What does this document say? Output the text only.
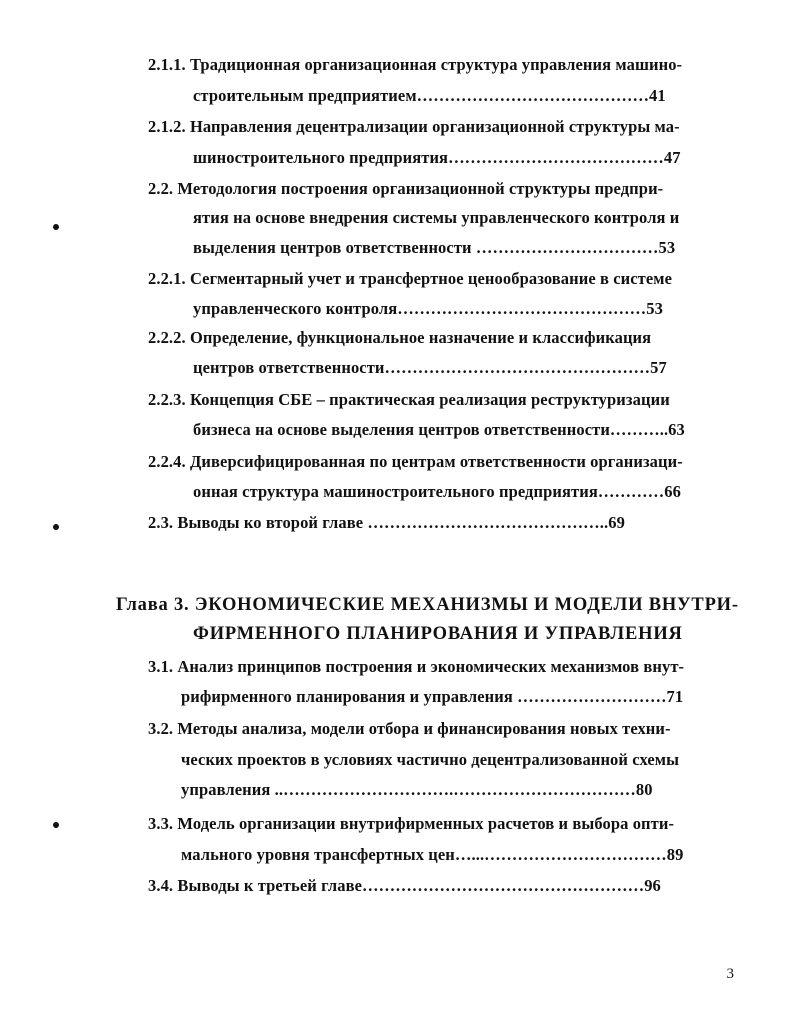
2.1.1. Традиционная организационная структура управления машино-
строительным предприятием……………………………………41
2.1.2. Направления децентрализации организационной структуры ма-
шиностроительного предприятия…………………………………47
2.2. Методология построения организационной структуры предпри-
ятия на основе внедрения системы управленческого контроля и
выделения центров ответственности ……………………………53
2.2.1. Сегментарный учет и трансфертное ценообразование в системе
управленческого контроля………………………………………53
2.2.2. Определение, функциональное назначение и классификация
центров ответственности…………………………………………57
2.2.3. Концепция СБЕ – практическая реализация реструктуризации
бизнеса на основе выделения центров ответственности………..63
2.2.4. Диверсифицированная по центрам ответственности организаци-
онная структура машиностроительного предприятия…………66
2.3. Выводы ко второй главе ……………………………………..69
Глава 3. ЭКОНОМИЧЕСКИЕ МЕХАНИЗМЫ И МОДЕЛИ ВНУТРИ-
ФИРМЕННОГО ПЛАНИРОВАНИЯ И УПРАВЛЕНИЯ
3.1. Анализ принципов построения и экономических механизмов внут-
рифирменного планирования и управления ………………………71
3.2. Методы анализа, модели отбора и финансирования новых техни-
ческих проектов в условиях частично децентрализованной схемы
управления ..………………………….……………………………80
3.3. Модель организации внутрифирменных расчетов и выбора опти-
мального уровня трансфертных цен…...……………………………89
3.4. Выводы к третьей главе……………………………………………96
3
